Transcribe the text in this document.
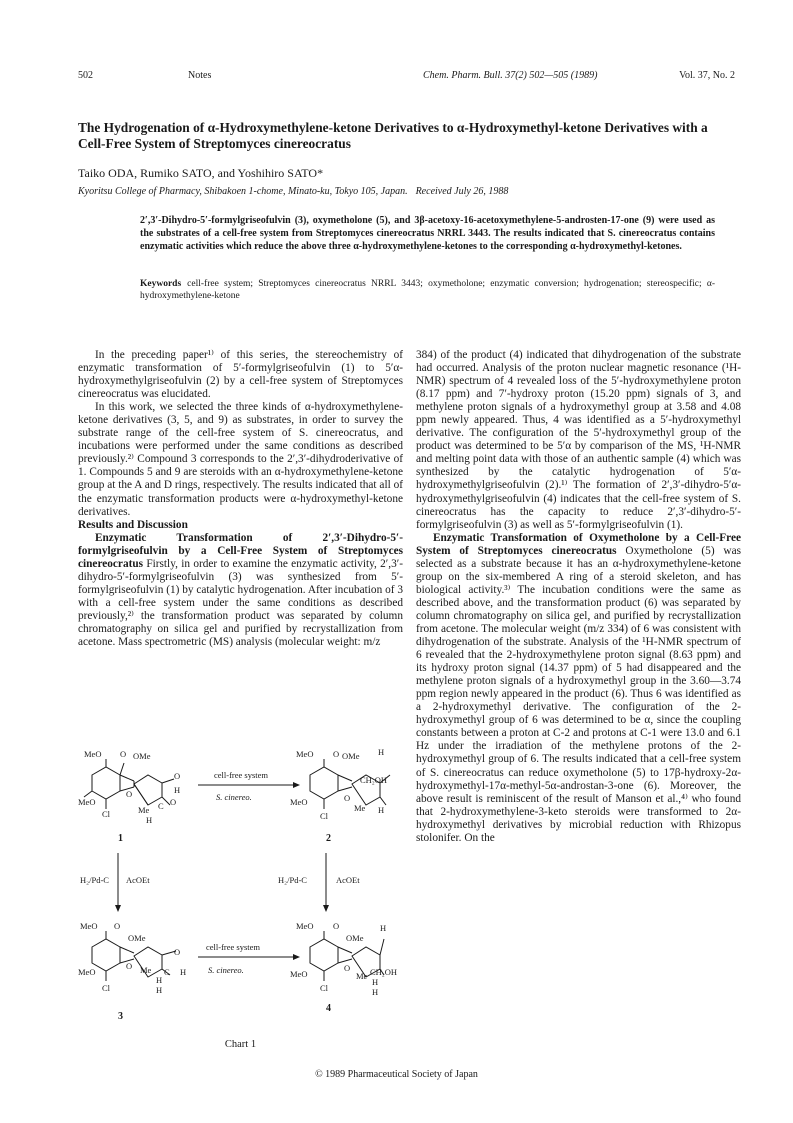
502	Notes	Chem. Pharm. Bull. 37(2) 502—505 (1989)	Vol. 37, No. 2
The Hydrogenation of α-Hydroxymethylene-ketone Derivatives to α-Hydroxymethyl-ketone Derivatives with a Cell-Free System of Streptomyces cinereocratus

Taiko ODA, Rumiko SATO, and Yoshihiro SATO*

Kyoritsu College of Pharmacy, Shibakoen 1-chome, Minato-ku, Tokyo 105, Japan. Received July 26, 1988

2′,3′-Dihydro-5′-formylgriseofulvin (3), oxymetholone (5), and 3β-acetoxy-16-acetoxymethylene-5-androsten-17-one (9) were used as the substrates of a cell-free system from Streptomyces cinereocratus NRRL 3443. The results indicated that S. cinereocratus contains enzymatic activities which reduce the above three α-hydroxymethylene-ketones to the corresponding α-hydroxymethyl-ketones.

Keywords cell-free system; Streptomyces cinereocratus NRRL 3443; oxymetholone; enzymatic conversion; hydrogenation; stereospecific; α-hydroxymethylene-ketone

In the preceding paper¹⁾ of this series, the stereochemistry of enzymatic transformation of 5′-formylgriseofulvin (1) to 5′α-hydroxymethylgriseofulvin (2) by a cell-free system of Streptomyces cinereocratus was elucidated.

In this work, we selected the three kinds of α-hydroxymethylene-ketone derivatives (3, 5, and 9) as substrates, in order to survey the substrate range of the cell-free system of S. cinereocratus, and incubations were performed under the same conditions as described previously.²⁾ Compound 3 corresponds to the 2′,3′-dihydroderivative of 1. Compounds 5 and 9 are steroids with an α-hydroxymethylene-ketone group at the A and D rings, respectively. The results indicated that all of the enzymatic transformation products were α-hydroxymethyl-ketone derivatives.

Results and Discussion

Enzymatic Transformation of 2′,3′-Dihydro-5′-formylgriseofulvin by a Cell-Free System of Streptomyces cinereocratus Firstly, in order to examine the enzymatic activity, 2′,3′-dihydro-5′-formylgriseofulvin (3) was synthesized from 5′-formylgriseofulvin (1) by catalytic hydrogenation. After incubation of 3 with a cell-free system under the same conditions as described previously,²⁾ the transformation product was separated by column chromatography on silica gel and purified by recrystallization from acetone. Mass spectrometric (MS) analysis (molecular weight: m/z

MeO O OMe
O
H
MeO
O
Me C O
Cl
H
1
cell-free system
S. cinereo.
MeO O OMe H
CH₂OH
MeO	O
Me H
Cl
2
H₂/Pd-C AcOEt	H₂/Pd-C	AcOEt
MeO O
OMe
MeO
O Me
H
C
O
H
H
Cl
3
cell-free system
S. cinereo.
MeO O
OMe
H
MeO
O
Me
H
CH₂OH
H
Cl
4
Chart 1

384) of the product (4) indicated that dihydrogenation of the substrate had occurred. Analysis of the proton nuclear magnetic resonance (¹H-NMR) spectrum of 4 revealed loss of the 5′-hydroxymethylene proton (8.17 ppm) and 7′-hydroxy proton (15.20 ppm) signals of 3, and methylene proton signals of a hydroxymethyl group at 3.58 and 4.08 ppm newly appeared. Thus, 4 was identified as a 5′-hydroxymethyl derivative. The configuration of the 5′-hydroxymethyl group of the product was determined to be 5′α by comparison of the MS, ¹H-NMR and melting point data with those of an authentic sample (4) which was synthesized by the catalytic hydrogenation of 5′α-hydroxymethylgriseofulvin (2).¹⁾ The formation of 2′,3′-dihydro-5′α-hydroxymethylgriseofulvin (4) indicates that the cell-free system of S. cinereocratus has the capacity to reduce 2′,3′-dihydro-5′-formylgriseofulvin (3) as well as 5′-formylgriseofulvin (1).

Enzymatic Transformation of Oxymetholone by a Cell-Free System of Streptomyces cinereocratus Oxymetholone (5) was selected as a substrate because it has an α-hydroxymethylene-ketone group on the six-membered A ring of a steroid skeleton, and has biological activity.³⁾ The incubation conditions were the same as described above, and the transformation product (6) was separated by column chromatography on silica gel, and purified by recrystallization from acetone. The molecular weight (m/z 334) of 6 was consistent with dihydrogenation of the substrate. Analysis of the ¹H-NMR spectrum of 6 revealed that the 2-hydroxymethylene proton signal (8.63 ppm) and its hydroxy proton signal (14.37 ppm) of 5 had disappeared and the methylene proton signals of a hydroxymethyl group in the 3.60—3.74 ppm region newly appeared in the product (6). Thus 6 was identified as a 2-hydroxymethyl derivative. The configuration of the 2-hydroxymethyl group of 6 was determined to be α, since the coupling constants between a proton at C-2 and protons at C-1 were 13.0 and 6.1 Hz under the irradiation of the methylene protons of the 2-hydroxymethyl group of 6. The results indicated that a cell-free system of S. cinereocratus can reduce oxymetholone (5) to 17β-hydroxy-2α-hydroxymethyl-17α-methyl-5α-androstan-3-one (6). Moreover, the above result is reminiscent of the result of Manson et al.,⁴⁾ who found that 2-hydroxymethylene-3-keto steroids were transformed to 2α-hydroxymethyl derivatives by microbial reduction with Rhizopus stolonifer. On the

© 1989 Pharmaceutical Society of Japan
